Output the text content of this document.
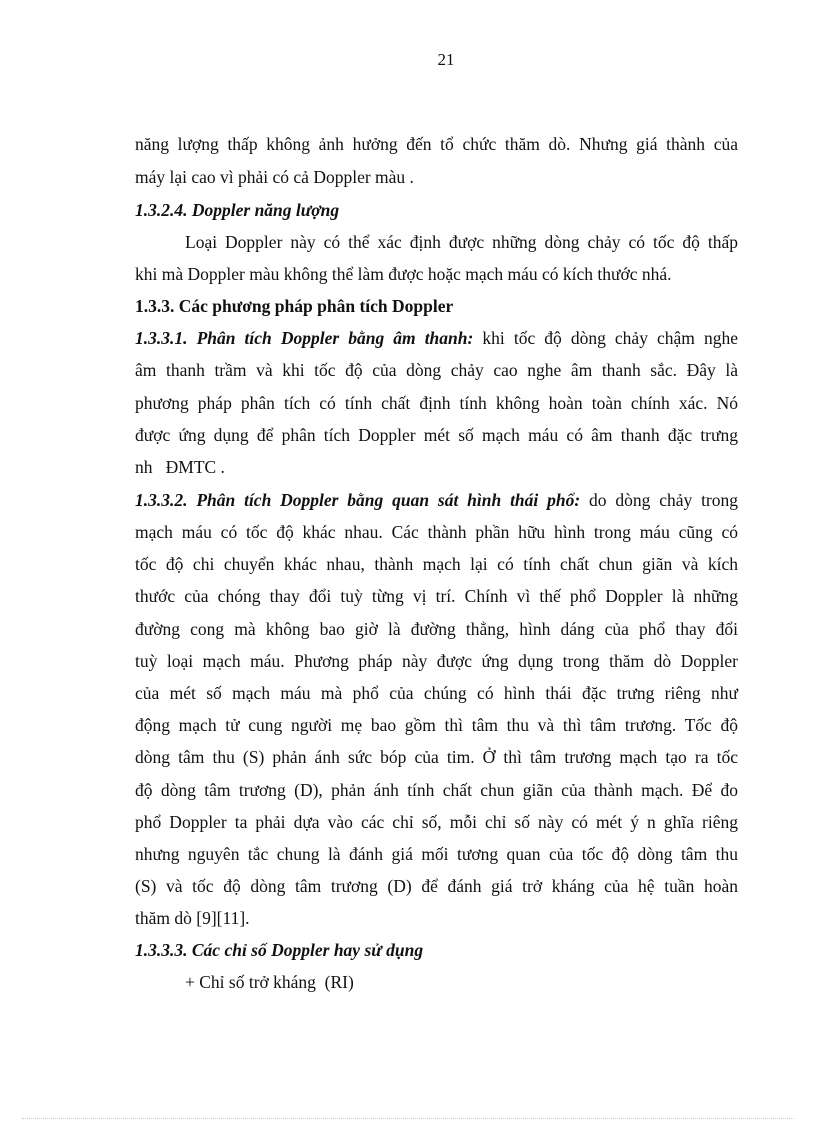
21
năng lượng thấp không ảnh hưởng đến tổ chức thăm dò. Nhưng giá thành của
máy lại cao vì phải có cả Doppler màu .
1.3.2.4. Doppler năng lượng
Loại Doppler này có thể xác định được những dòng chảy có tốc độ thấp
khi mà Doppler màu không thể làm được hoặc mạch máu có kích thước nhá.
1.3.3. Các phương pháp phân tích Doppler
1.3.3.1. Phân tích Doppler bằng âm thanh: khi tốc độ dòng chảy chậm nghe
âm thanh trầm và khi tốc độ của dòng chảy cao nghe âm thanh sắc. Đây là
phương pháp phân tích có tính chất định tính không hoàn toàn chính xác. Nó
được ứng dụng để phân tích Doppler mét số mạch máu có âm thanh đặc trưng
nh   ĐMTC .
1.3.3.2. Phân tích Doppler bằng quan sát hình thái phổ: do dòng chảy trong
mạch máu có tốc độ khác nhau. Các thành phần hữu hình trong máu cũng có
tốc độ chi chuyển khác nhau, thành mạch lại có tính chất chun giãn và kích
thước của chóng thay đổi tuỳ từng vị trí. Chính vì thế phổ Doppler là những
đường cong mà không bao giờ là đường thẳng, hình dáng của phổ thay đổi
tuỳ loại mạch máu. Phương pháp này được ứng dụng trong thăm dò Doppler
của mét số mạch máu mà phổ của chúng có hình thái đặc trưng riêng như
động mạch tử cung người mẹ bao gồm thì tâm thu và thì tâm trương. Tốc độ
dòng tâm thu (S) phản ánh sức bóp của tim. Ở thì tâm trương mạch tạo ra tốc
độ dòng tâm trương (D), phản ánh tính chất chun giãn của thành mạch. Để đo
phổ Doppler ta phải dựa vào các chỉ số, mỗi chỉ số này có mét ý n ghĩa riêng
nhưng nguyên tắc chung là đánh giá mối tương quan của tốc độ dòng tâm thu
(S) và tốc độ dòng tâm trương (D) để đánh giá trở kháng của hệ tuần hoàn
thăm dò [9][11].
1.3.3.3. Các chỉ số Doppler hay sử dụng
+ Chỉ số trở kháng  (RI)
